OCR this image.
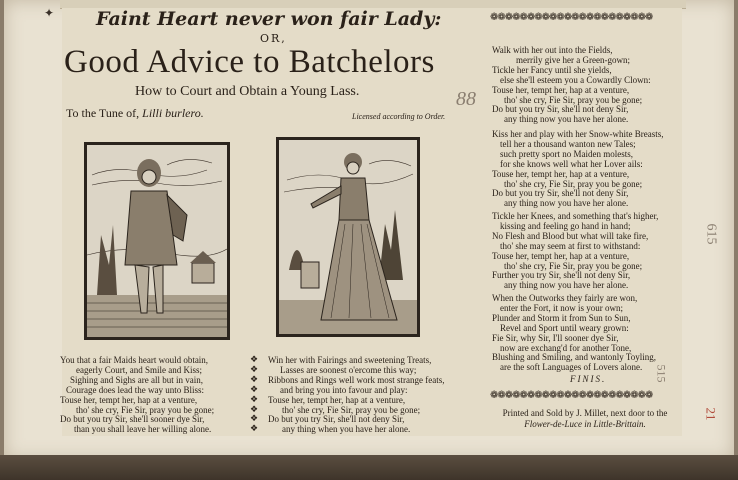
✦ Faint Heart never won fair Lady:
OR,
Good Advice to Batchelors
How to Court and Obtain a Young Lass.
To the Tune of, Lilli burlero.	Licensed according to Order.
88
You that a fair Maids heart would obtain,
eagerly Court, and Smile and Kiss;
Sighing and Sighs are all but in vain,
Courage does lead the way unto Bliss:
Touse her, tempt her, hap at a venture,
tho' she cry, Fie Sir, pray you be gone;
Do but you try Sir, she'll sooner dye Sir,
than you shall leave her willing alone.
❖
❖
❖
❖
❖
❖
❖
❖
Win her with Fairings and sweetening Treats,
Lasses are soonest o'ercome this way;
Ribbons and Rings well work most strange feats,
and bring you into favour and play:
Touse her, tempt her, hap at a venture,
tho' she cry, Fie Sir, pray you be gone;
Do but you try Sir, she'll not deny Sir,
any thing when you have her alone.
❁❁❁❁❁❁❁❁❁❁❁❁❁❁❁❁❁❁❁❁❁❁
Walk with her out into the Fields,
merrily give her a Green-gown;
Tickle her Fancy until she yields,
else she'll esteem you a Cowardly Clown:
Touse her, tempt her, hap at a venture,
tho' she cry, Fie Sir, pray you be gone;
Do but you try Sir, she'll not deny Sir,
any thing now you have her alone.
Kiss her and play with her Snow-white Breasts,
tell her a thousand wanton new Tales;
such pretty sport no Maiden molests,
for she knows well what her Lover ails:
Touse her, tempt her, hap at a venture,
tho' she cry, Fie Sir, pray you be gone;
Do but you try Sir, she'll not deny Sir,
any thing now you have her alone.
Tickle her Knees, and something that's higher,
kissing and feeling go hand in hand;
No Flesh and Blood but what will take fire,
tho' she may seem at first to withstand:
Touse her, tempt her, hap at a venture,
tho' she cry, Fie Sir, pray you be gone;
Further you try Sir, she'll not deny Sir,
any thing now you have her alone.
When the Outworks they fairly are won,
enter the Fort, it now is your own;
Plunder and Storm it from Sun to Sun,
Revel and Sport until weary grown:
Fie Sir, why Sir, I'll sooner dye Sir,
now are exchang'd for another Tone,
Blushing and Smiling, and wantonly Toyling,
are the soft Languages of Lovers alone.
FINIS.
❁❁❁❁❁❁❁❁❁❁❁❁❁❁❁❁❁❁❁❁❁❁
Printed and Sold by J. Millet, next door to the
Flower-de-Luce in Little-Brittain.
615
515
21
